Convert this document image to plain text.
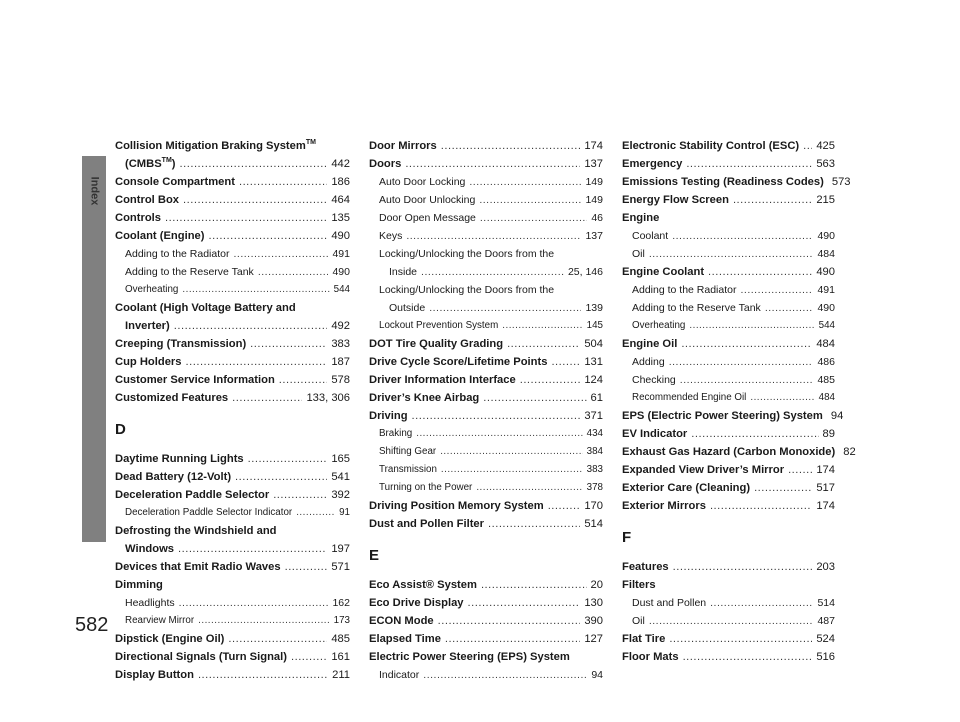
Index
Collision Mitigation Braking System™
(CMBS™) .....	442
Console Compartment .....	186
Control Box .....	464
Controls .....	135
Coolant (Engine) .....	490
Adding to the Radiator .....	491
Adding to the Reserve Tank .....	490
Overheating .....	544
Coolant (High Voltage Battery and
Inverter) .....	492
Creeping (Transmission) .....	383
Cup Holders .....	187
Customer Service Information .....	578
Customized Features .....	133, 306
D
Daytime Running Lights .....	165
Dead Battery (12-Volt) .....	541
Deceleration Paddle Selector .....	392
Deceleration Paddle Selector Indicator .....	91
Defrosting the Windshield and
Windows .....	197
Devices that Emit Radio Waves .....	571
Dimming
Headlights .....	162
Rearview Mirror .....	173
Dipstick (Engine Oil) .....	485
Directional Signals (Turn Signal) .....	161
Display Button .....	211
Door Mirrors .....	174
Doors .....	137
Auto Door Locking .....	149
Auto Door Unlocking .....	149
Door Open Message .....	46
Keys .....	137
Locking/Unlocking the Doors from the
Inside .....	25, 146
Locking/Unlocking the Doors from the
Outside .....	139
Lockout Prevention System .....	145
DOT Tire Quality Grading .....	504
Drive Cycle Score/Lifetime Points .....	131
Driver Information Interface .....	124
Driver’s Knee Airbag .....	61
Driving .....	371
Braking .....	434
Shifting Gear .....	384
Transmission .....	383
Turning on the Power .....	378
Driving Position Memory System .....	170
Dust and Pollen Filter .....	514
E
Eco Assist® System .....	20
Eco Drive Display .....	130
ECON Mode .....	390
Elapsed Time .....	127
Electric Power Steering (EPS) System
Indicator .....	94
Electronic Stability Control (ESC) ..... 425
Emergency .....	563
Emissions Testing (Readiness Codes) 573
Energy Flow Screen .....	215
Engine
Coolant .....	490
Oil .....	484
Engine Coolant .....	490
Adding to the Radiator .....	491
Adding to the Reserve Tank .....	490
Overheating .....	544
Engine Oil .....	484
Adding .....	486
Checking .....	485
Recommended Engine Oil .....	484
EPS (Electric Power Steering) System 94
EV Indicator .....	89
Exhaust Gas Hazard (Carbon Monoxide) 82
Expanded View Driver’s Mirror .....	174
Exterior Care (Cleaning) .....	517
Exterior Mirrors .....	174
F
Features .....	203
Filters
Dust and Pollen .....	514
Oil .....	487
Flat Tire .....	524
Floor Mats .....	516
582
